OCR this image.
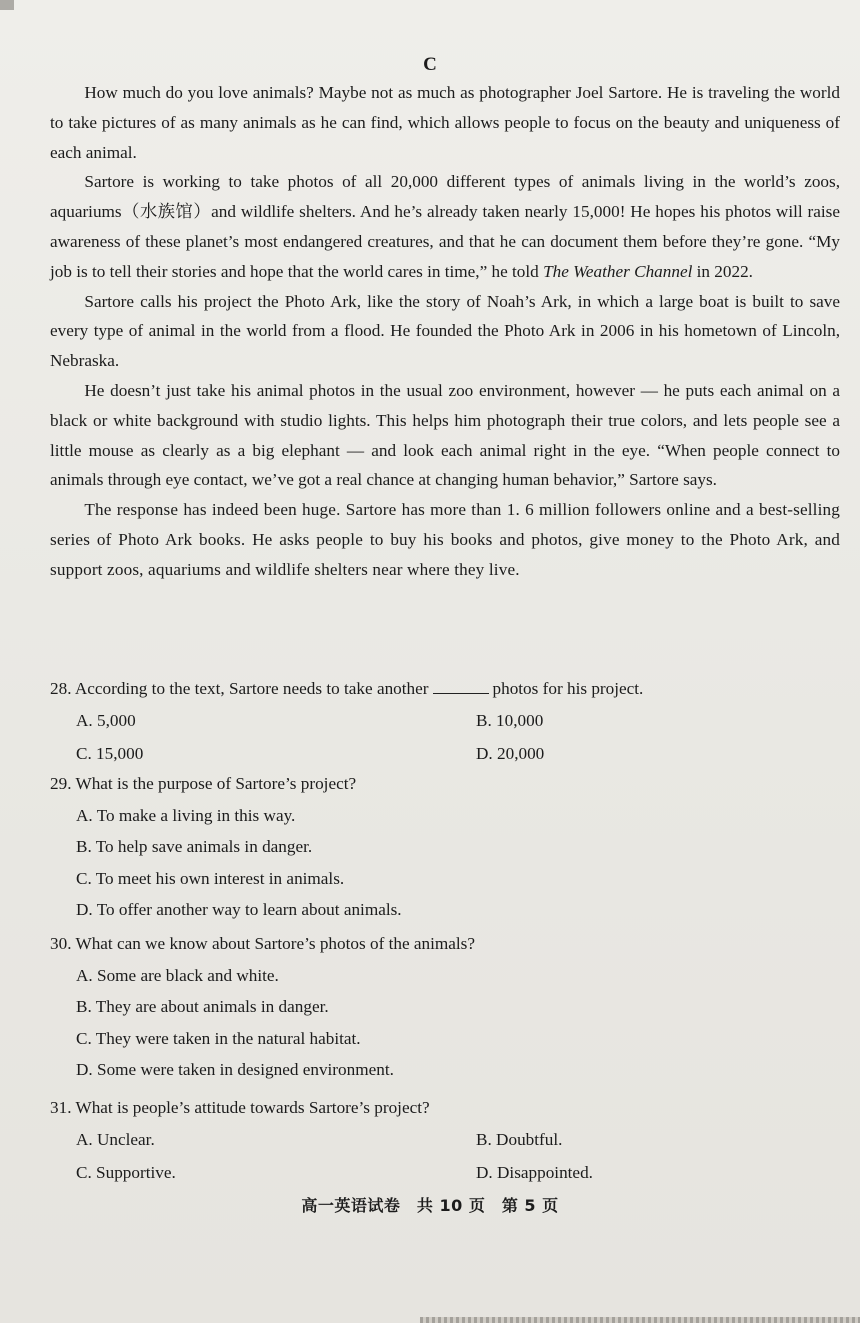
C

How much do you love animals? Maybe not as much as photographer Joel Sartore. He is traveling the world to take pictures of as many animals as he can find, which allows people to focus on the beauty and uniqueness of each animal.

Sartore is working to take photos of all 20,000 different types of animals living in the world’s zoos, aquariums（水族馆）and wildlife shelters. And he’s already taken nearly 15,000! He hopes his photos will raise awareness of these planet’s most endangered creatures, and that he can document them before they’re gone. “My job is to tell their stories and hope that the world cares in time,” he told The Weather Channel in 2022.

Sartore calls his project the Photo Ark, like the story of Noah’s Ark, in which a large boat is built to save every type of animal in the world from a flood. He founded the Photo Ark in 2006 in his hometown of Lincoln, Nebraska.

He doesn’t just take his animal photos in the usual zoo environment, however — he puts each animal on a black or white background with studio lights. This helps him photograph their true colors, and lets people see a little mouse as clearly as a big elephant — and look each animal right in the eye. “When people connect to animals through eye contact, we’ve got a real chance at changing human behavior,” Sartore says.

The response has indeed been huge. Sartore has more than 1. 6 million followers online and a best-selling series of Photo Ark books. He asks people to buy his books and photos, give money to the Photo Ark, and support zoos, aquariums and wildlife shelters near where they live.

28. According to the text, Sartore needs to take another	photos for his project.

A. 5,000	B. 10,000
C. 15,000	D. 20,000

29. What is the purpose of Sartore’s project?

A. To make a living in this way.
B. To help save animals in danger.
C. To meet his own interest in animals.
D. To offer another way to learn about animals.

30. What can we know about Sartore’s photos of the animals?

A. Some are black and white.
B. They are about animals in danger.
C. They were taken in the natural habitat.
D. Some were taken in designed environment.

31. What is people’s attitude towards Sartore’s project?

A. Unclear.	B. Doubtful.
C. Supportive.	D. Disappointed.
高一英语试卷　共 10 页　第 5 页
